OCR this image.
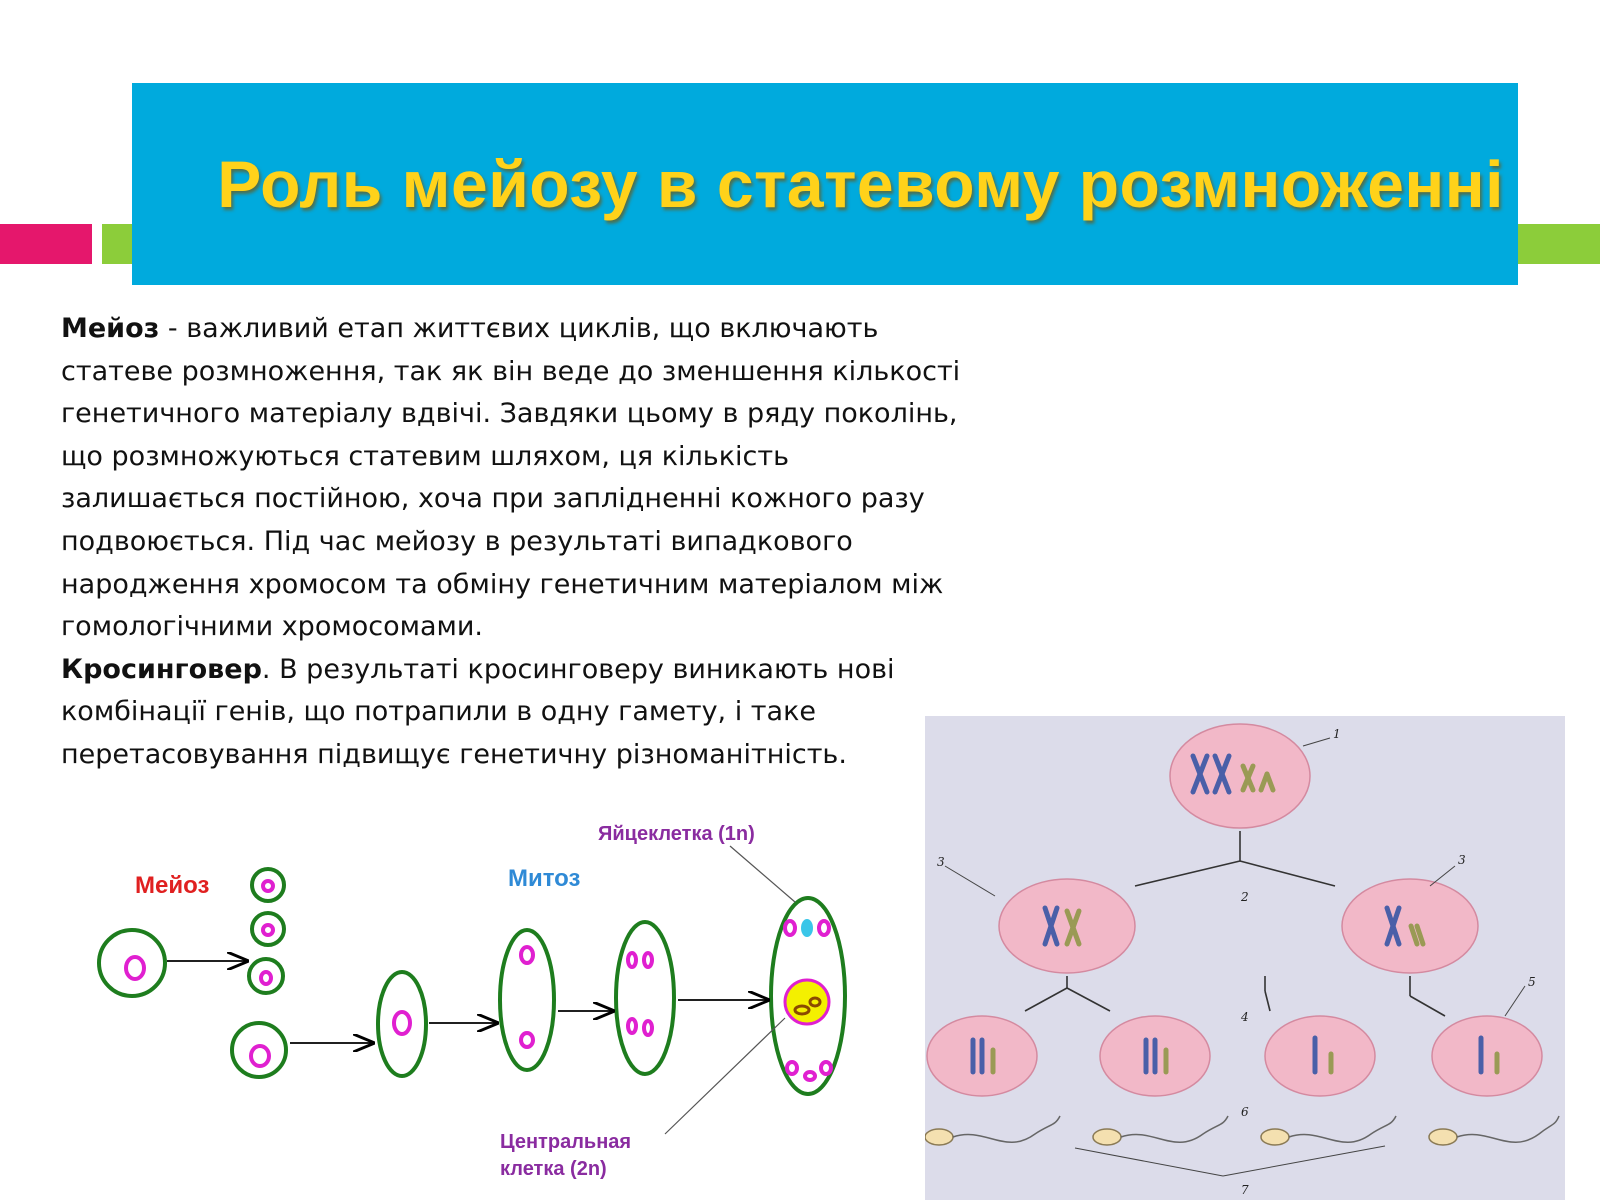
Роль мейозу в статевому розмноженні
Мейоз - важливий етап життєвих циклів, що включають статеве розмноження, так як він веде до зменшення кількості генетичного матеріалу вдвічі. Завдяки цьому в ряду поколінь, що розмножуються статевим шляхом, ця кількість залишається постійною, хоча при заплідненні кожного разу подвоюється. Під час мейозу в результаті випадкового народження хромосом та обміну генетичним матеріалом між гомологічними хромосомами.
Кросинговер. В результаті кросинговеру виникають нові комбінації генів, що потрапили в одну гамету, і таке перетасовування підвищує генетичну різноманітність.
Мейоз	Митоз
Яйцеклетка (1n)
Центральная
клетка (2n)
1
2
3	3
4
5
6
7
